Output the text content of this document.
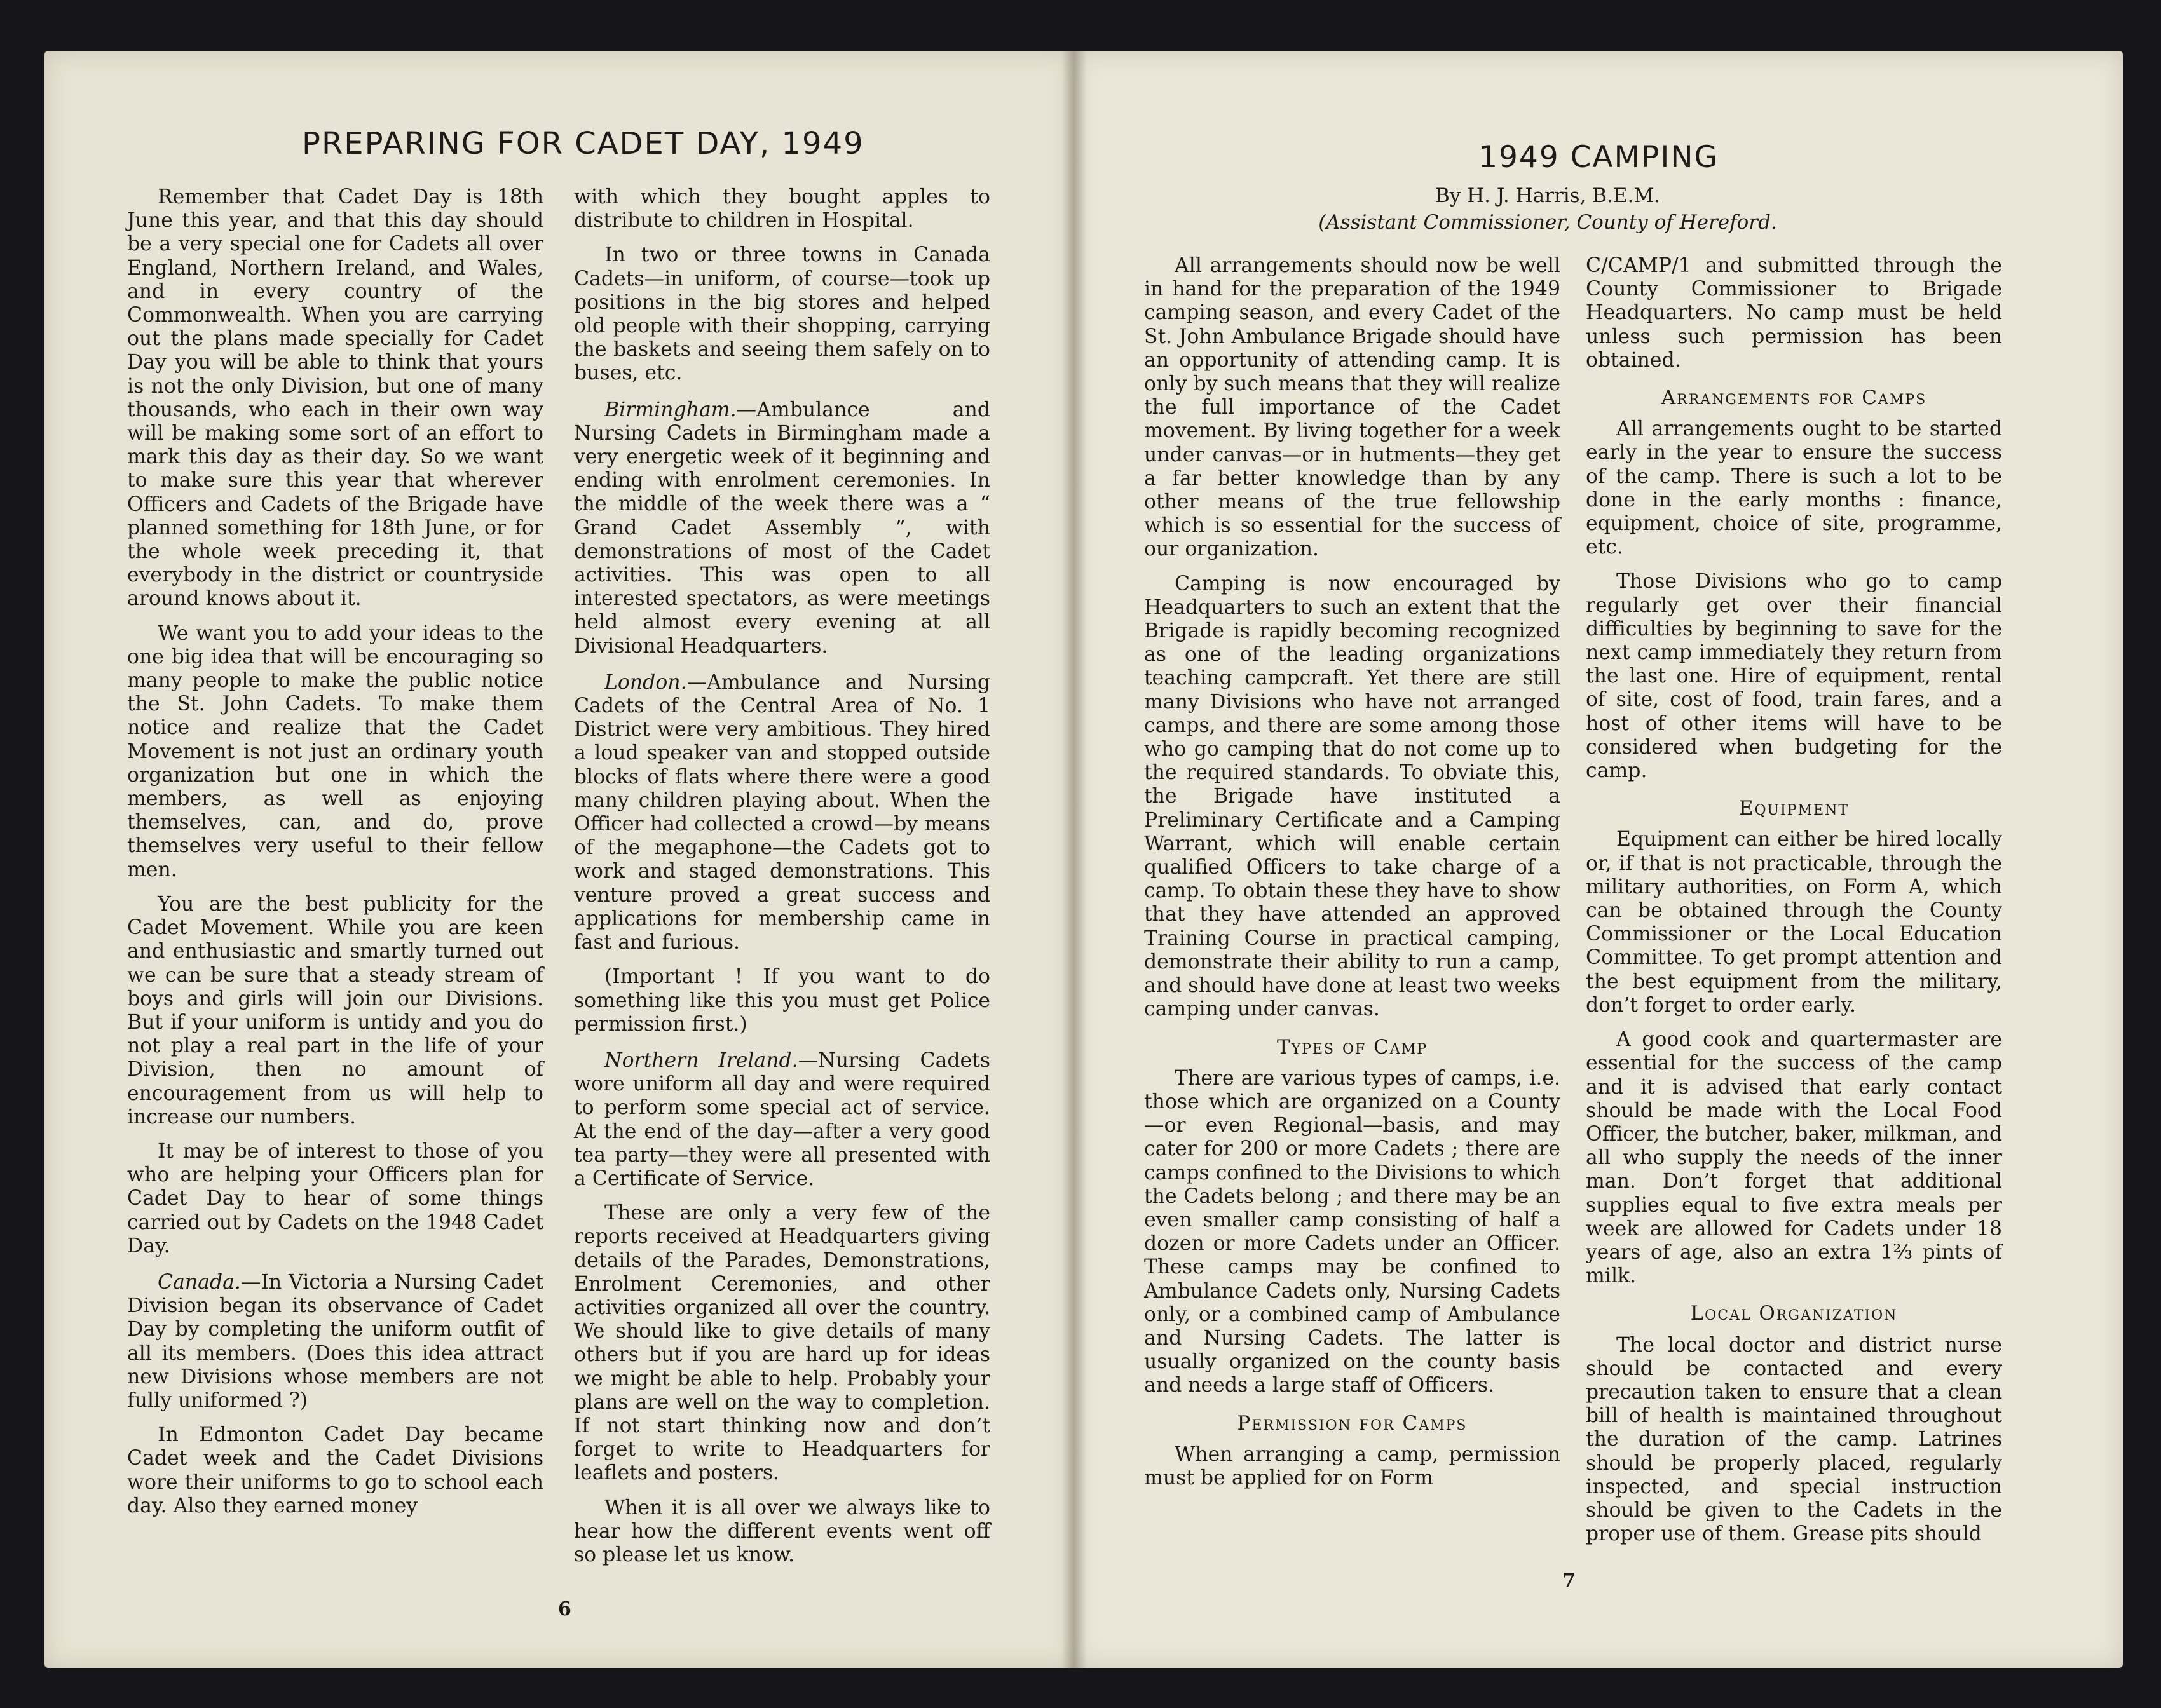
PREPARING FOR CADET DAY, 1949

Remember that Cadet Day is 18th June this year, and that this day should be a very special one for Cadets all over England, Northern Ireland, and Wales, and in every country of the Commonwealth. When you are carrying out the plans made specially for Cadet Day you will be able to think that yours is not the only Division, but one of many thousands, who each in their own way will be making some sort of an effort to mark this day as their day. So we want to make sure this year that wherever Officers and Cadets of the Brigade have planned something for 18th June, or for the whole week preceding it, that everybody in the district or countryside around knows about it.

We want you to add your ideas to the one big idea that will be encouraging so many people to make the public notice the St. John Cadets. To make them notice and realize that the Cadet Movement is not just an ordinary youth organization but one in which the members, as well as enjoying themselves, can, and do, prove themselves very useful to their fellow men.

You are the best publicity for the Cadet Movement. While you are keen and enthusiastic and smartly turned out we can be sure that a steady stream of boys and girls will join our Divisions. But if your uniform is untidy and you do not play a real part in the life of your Division, then no amount of encouragement from us will help to increase our numbers.

It may be of interest to those of you who are helping your Officers plan for Cadet Day to hear of some things carried out by Cadets on the 1948 Cadet Day.

Canada.—In Victoria a Nursing Cadet Division began its observance of Cadet Day by completing the uniform outfit of all its members. (Does this idea attract new Divisions whose members are not fully uniformed ?)

In Edmonton Cadet Day became Cadet week and the Cadet Divisions wore their uniforms to go to school each day. Also they earned money

with which they bought apples to distribute to children in Hospital.

In two or three towns in Canada Cadets—in uniform, of course—took up positions in the big stores and helped old people with their shopping, carrying the baskets and seeing them safely on to buses, etc.

Birmingham.—Ambulance and Nursing Cadets in Birmingham made a very energetic week of it beginning and ending with enrolment ceremonies. In the middle of the week there was a “ Grand Cadet Assembly ”, with demonstrations of most of the Cadet activities. This was open to all interested spectators, as were meetings held almost every evening at all Divisional Headquarters.

London.—Ambulance and Nursing Cadets of the Central Area of No. 1 District were very ambitious. They hired a loud speaker van and stopped outside blocks of flats where there were a good many children playing about. When the Officer had collected a crowd—by means of the megaphone—the Cadets got to work and staged demonstrations. This venture proved a great success and applications for membership came in fast and furious.

(Important ! If you want to do something like this you must get Police permission first.)

Northern Ireland.—Nursing Cadets wore uniform all day and were required to perform some special act of service. At the end of the day—after a very good tea party—they were all presented with a Certificate of Service.

These are only a very few of the reports received at Headquarters giving details of the Parades, Demonstrations, Enrolment Ceremonies, and other activities organized all over the country. We should like to give details of many others but if you are hard up for ideas we might be able to help. Probably your plans are well on the way to completion. If not start thinking now and don’t forget to write to Headquarters for leaflets and posters.

When it is all over we always like to hear how the different events went off so please let us know.

6
1949 CAMPING
By H. J. Harris, B.E.M.
(Assistant Commissioner, County of Hereford.

All arrangements should now be well in hand for the preparation of the 1949 camping season, and every Cadet of the St. John Ambulance Brigade should have an opportunity of attending camp. It is only by such means that they will realize the full importance of the Cadet movement. By living together for a week under canvas—or in hutments—they get a far better knowledge than by any other means of the true fellowship which is so essential for the success of our organization.

Camping is now encouraged by Headquarters to such an extent that the Brigade is rapidly becoming recognized as one of the leading organizations teaching campcraft. Yet there are still many Divisions who have not arranged camps, and there are some among those who go camping that do not come up to the required standards. To obviate this, the Brigade have instituted a Preliminary Certificate and a Camping Warrant, which will enable certain qualified Officers to take charge of a camp. To obtain these they have to show that they have attended an approved Training Course in practical camping, demonstrate their ability to run a camp, and should have done at least two weeks camping under canvas.

Types of Camp

There are various types of camps, i.e. those which are organized on a County—or even Regional—basis, and may cater for 200 or more Cadets ; there are camps confined to the Divisions to which the Cadets belong ; and there may be an even smaller camp consisting of half a dozen or more Cadets under an Officer. These camps may be confined to Ambulance Cadets only, Nursing Cadets only, or a combined camp of Ambulance and Nursing Cadets. The latter is usually organized on the county basis and needs a large staff of Officers.

Permission for Camps

When arranging a camp, permission must be applied for on Form

C/CAMP/1 and submitted through the County Commissioner to Brigade Headquarters. No camp must be held unless such permission has been obtained.

Arrangements for Camps

All arrangements ought to be started early in the year to ensure the success of the camp. There is such a lot to be done in the early months : finance, equipment, choice of site, programme, etc.

Those Divisions who go to camp regularly get over their financial difficulties by beginning to save for the next camp immediately they return from the last one. Hire of equipment, rental of site, cost of food, train fares, and a host of other items will have to be considered when budgeting for the camp.

Equipment

Equipment can either be hired locally or, if that is not practicable, through the military authorities, on Form A, which can be obtained through the County Commissioner or the Local Education Committee. To get prompt attention and the best equipment from the military, don’t forget to order early.

A good cook and quartermaster are essential for the success of the camp and it is advised that early contact should be made with the Local Food Officer, the butcher, baker, milkman, and all who supply the needs of the inner man. Don’t forget that additional supplies equal to five extra meals per week are allowed for Cadets under 18 years of age, also an extra 1⅔ pints of milk.

Local Organization

The local doctor and district nurse should be contacted and every precaution taken to ensure that a clean bill of health is maintained throughout the duration of the camp. Latrines should be properly placed, regularly inspected, and special instruction should be given to the Cadets in the proper use of them. Grease pits should

7
